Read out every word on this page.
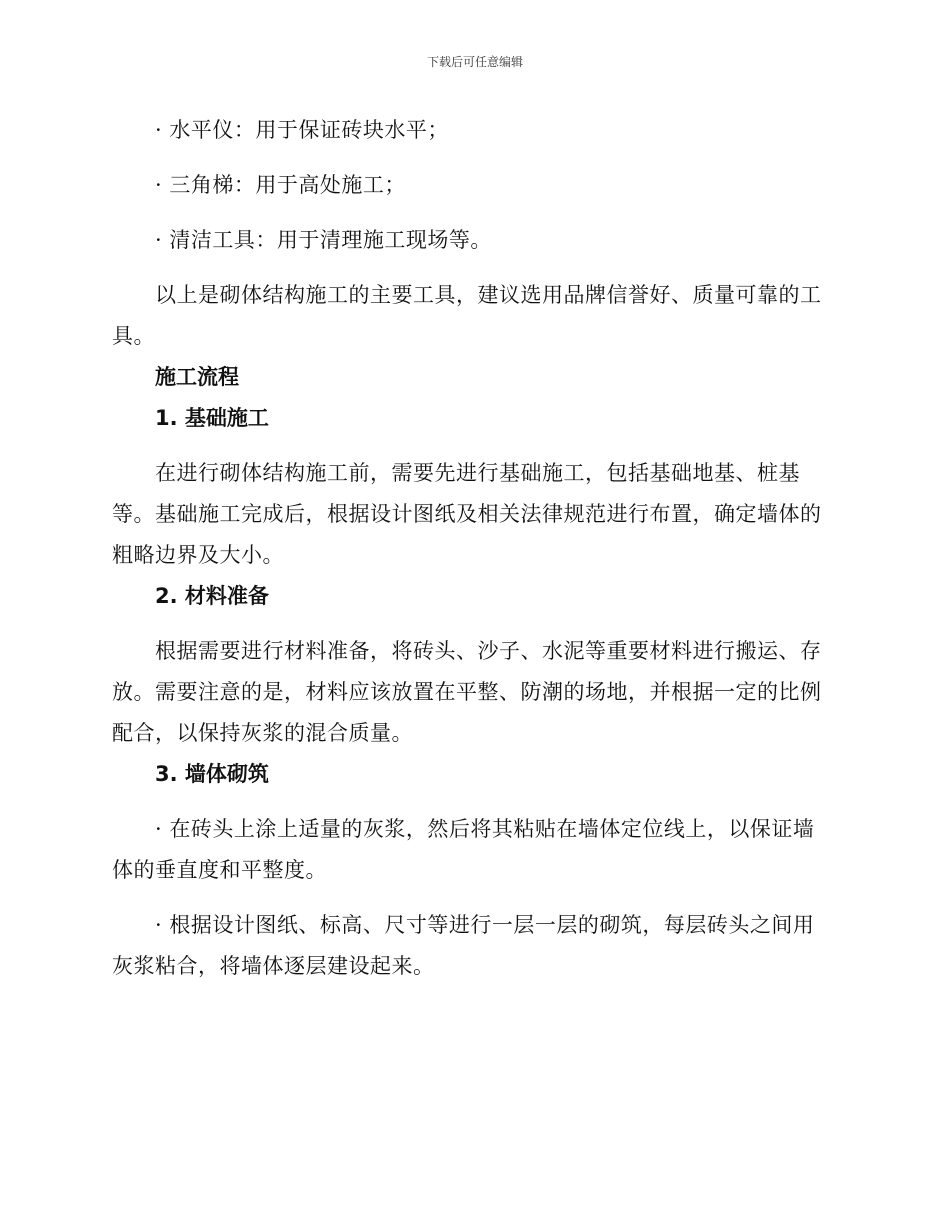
下载后可任意编辑

· 水平仪：用于保证砖块水平；

· 三角梯：用于高处施工；

· 清洁工具：用于清理施工现场等。

以上是砌体结构施工的主要工具，建议选用品牌信誉好、质量可靠的工具。

施工流程

1. 基础施工

在进行砌体结构施工前，需要先进行基础施工，包括基础地基、桩基等。基础施工完成后，根据设计图纸及相关法律规范进行布置，确定墙体的粗略边界及大小。

2. 材料准备

根据需要进行材料准备，将砖头、沙子、水泥等重要材料进行搬运、存放。需要注意的是，材料应该放置在平整、防潮的场地，并根据一定的比例配合，以保持灰浆的混合质量。

3. 墙体砌筑

· 在砖头上涂上适量的灰浆，然后将其粘贴在墙体定位线上，以保证墙体的垂直度和平整度。

· 根据设计图纸、标高、尺寸等进行一层一层的砌筑，每层砖头之间用灰浆粘合，将墙体逐层建设起来。
